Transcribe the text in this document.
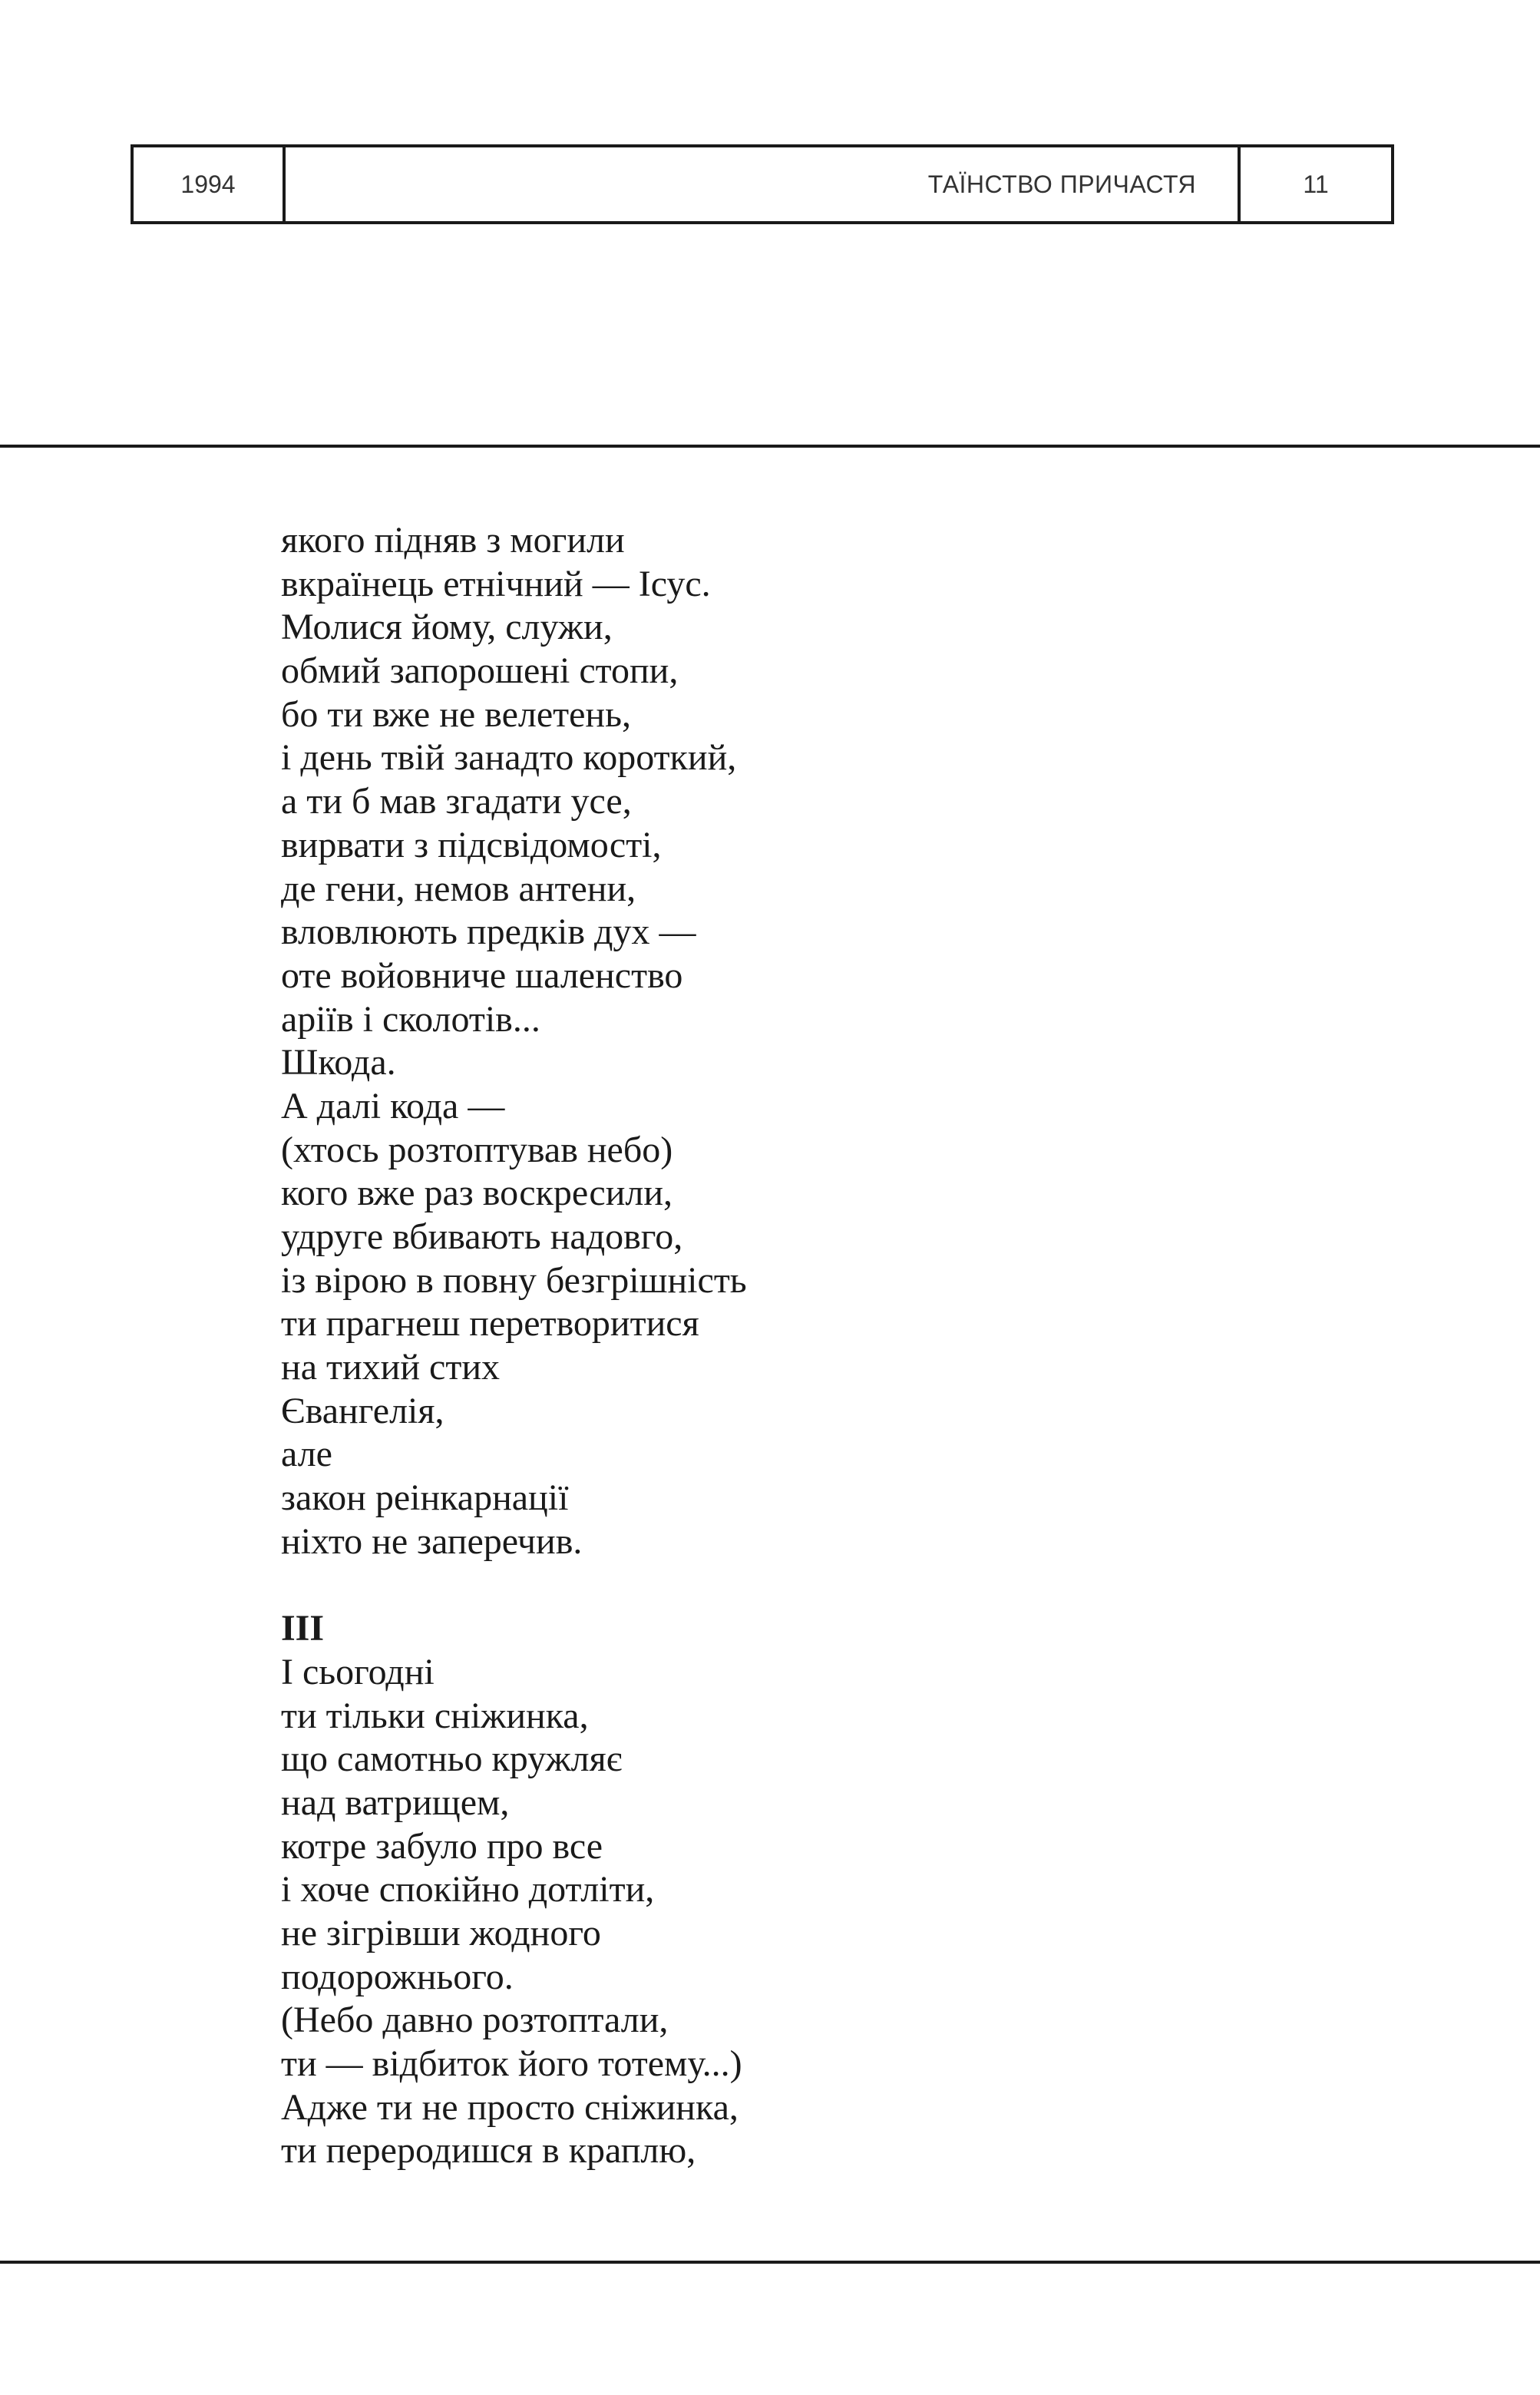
1994	ТАЇНСТВО ПРИЧАСТЯ	11
якого підняв з могили
вкраїнець етнічний — Ісус.
Молися йому, служи,
обмий запорошені стопи,
бо ти вже не велетень,
і день твій занадто короткий,
а ти б мав згадати усе,
вирвати з підсвідомості,
де гени, немов антени,
вловлюють предків дух —
оте войовниче шаленство
аріїв і сколотів...
Шкода.
А далі кода —
(хтось розтоптував небо)
кого вже раз воскресили,
удруге вбивають надовго,
із вірою в повну безгрішність
ти прагнеш перетворитися
на тихий стих
Євангелія,
але
закон реінкарнації
ніхто не заперечив.
ІІІ
І сьогодні
ти тільки сніжинка,
що самотньо кружляє
над ватрищем,
котре забуло про все
і хоче спокійно дотліти,
не зігрівши жодного
подорожнього.
(Небо давно розтоптали,
ти — відбиток його тотему...)
Адже ти не просто сніжинка,
ти переродишся в краплю,
